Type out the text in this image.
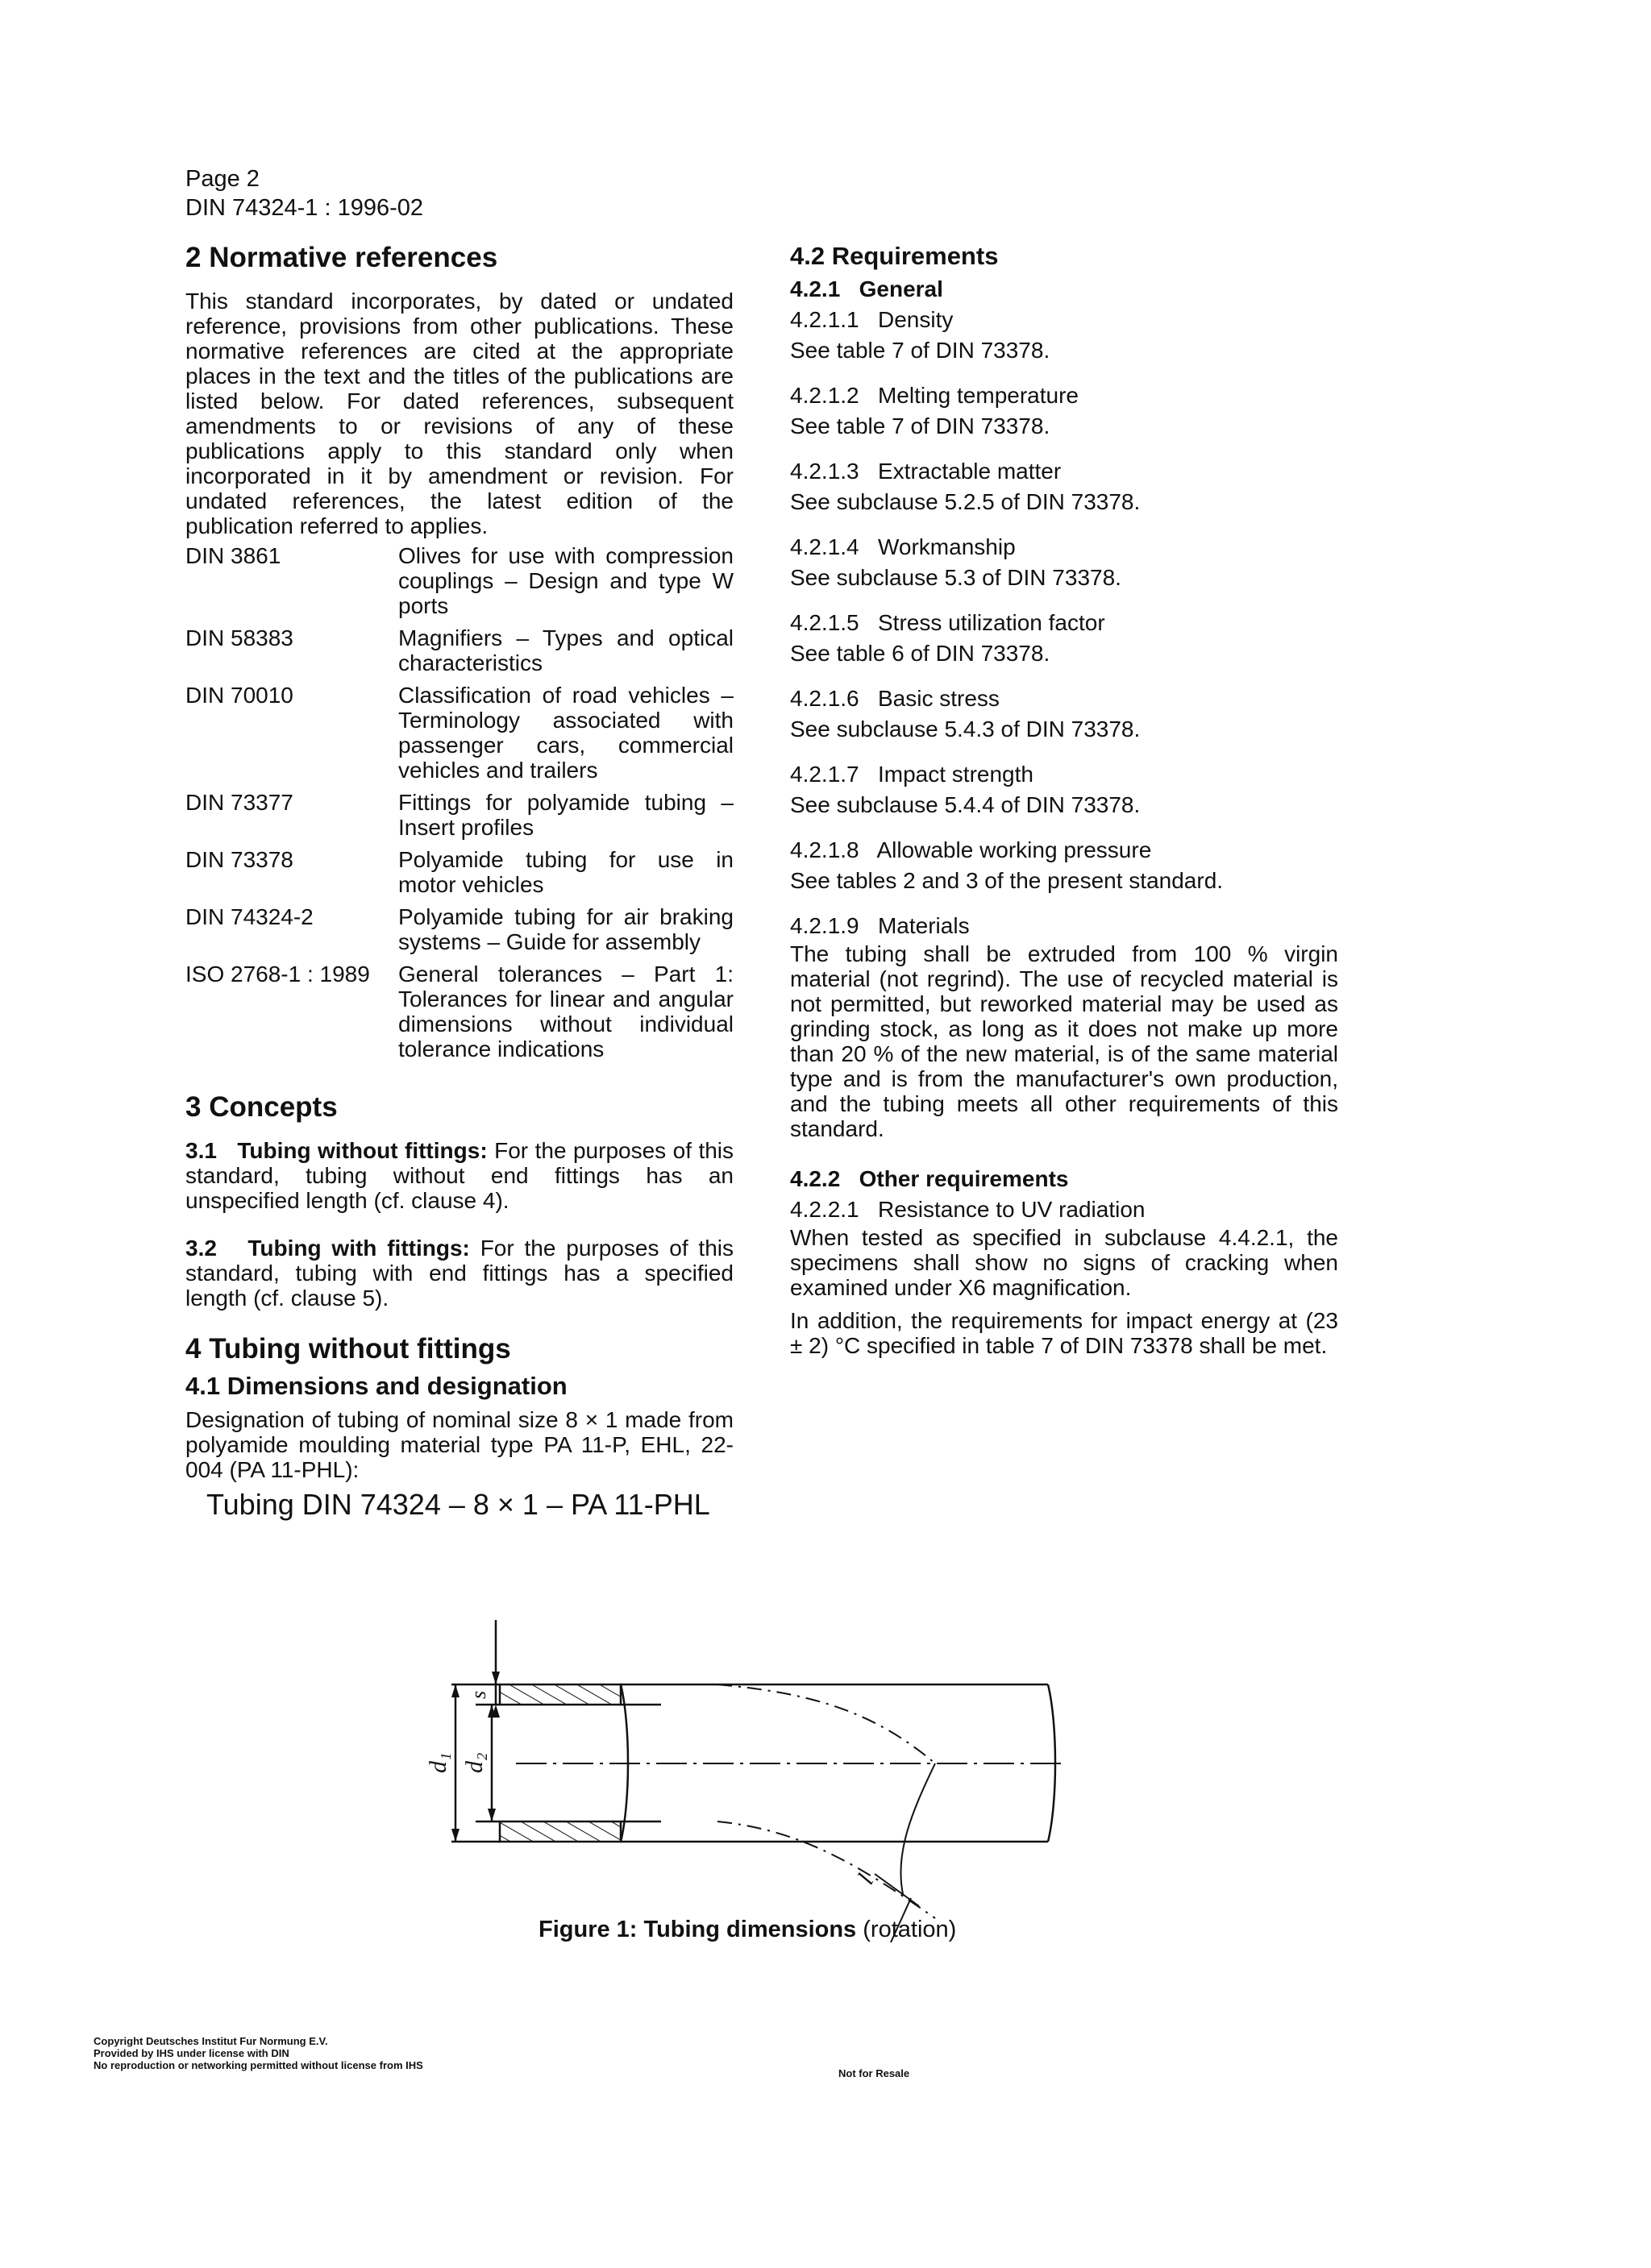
Page 2
DIN 74324-1 : 1996-02
2 Normative references

This standard incorporates, by dated or undated reference, provisions from other publications. These normative references are cited at the appropriate places in the text and the titles of the publications are listed below. For dated references, subsequent amendments to or revisions of any of these publications apply to this standard only when incorporated in it by amendment or revision. For undated references, the latest edition of the publication referred to applies.

DIN 3861	Olives for use with compression couplings – Design and type W ports
DIN 58383	Magnifiers – Types and optical characteristics
DIN 70010	Classification of road vehicles – Terminology associated with passenger cars, commercial vehicles and trailers
DIN 73377	Fittings for polyamide tubing – Insert profiles
DIN 73378	Polyamide tubing for use in motor vehicles
DIN 74324-2	Polyamide tubing for air braking systems – Guide for assembly
ISO 2768-1 : 1989	General tolerances – Part 1: Tolerances for linear and angular dimensions without individual tolerance indications
3 Concepts

3.1 Tubing without fittings: For the purposes of this standard, tubing without end fittings has an unspecified length (cf. clause 4).

3.2 Tubing with fittings: For the purposes of this standard, tubing with end fittings has a specified length (cf. clause 5).

4 Tubing without fittings
4.1 Dimensions and designation

Designation of tubing of nominal size 8 × 1 made from polyamide moulding material type PA 11-P, EHL, 22-004 (PA 11-PHL):

Tubing DIN 74324 – 8 × 1 – PA 11-PHL
4.2 Requirements

4.2.1 General

4.2.1.1 Density

See table 7 of DIN 73378.

4.2.1.2 Melting temperature

See table 7 of DIN 73378.

4.2.1.3 Extractable matter

See subclause 5.2.5 of DIN 73378.

4.2.1.4 Workmanship

See subclause 5.3 of DIN 73378.

4.2.1.5 Stress utilization factor

See table 6 of DIN 73378.

4.2.1.6 Basic stress

See subclause 5.4.3 of DIN 73378.

4.2.1.7 Impact strength

See subclause 5.4.4 of DIN 73378.

4.2.1.8 Allowable working pressure

See tables 2 and 3 of the present standard.

4.2.1.9 Materials

The tubing shall be extruded from 100 % virgin material (not regrind). The use of recycled material is not permitted, but reworked material may be used as grinding stock, as long as it does not make up more than 20 % of the new material, is of the same material type and is from the manufacturer's own production, and the tubing meets all other requirements of this standard.

4.2.2 Other requirements

4.2.2.1 Resistance to UV radiation

When tested as specified in subclause 4.4.2.1, the specimens shall show no signs of cracking when examined under X6 magnification.

In addition, the requirements for impact energy at (23 ± 2) °C specified in table 7 of DIN 73378 shall be met.

d₁ d₂
s
l
Figure 1: Tubing dimensions (rotation)
Copyright Deutsches Institut Fur Normung E.V.
Provided by IHS under license with DIN
No reproduction or networking permitted without license from IHS
Not for Resale
